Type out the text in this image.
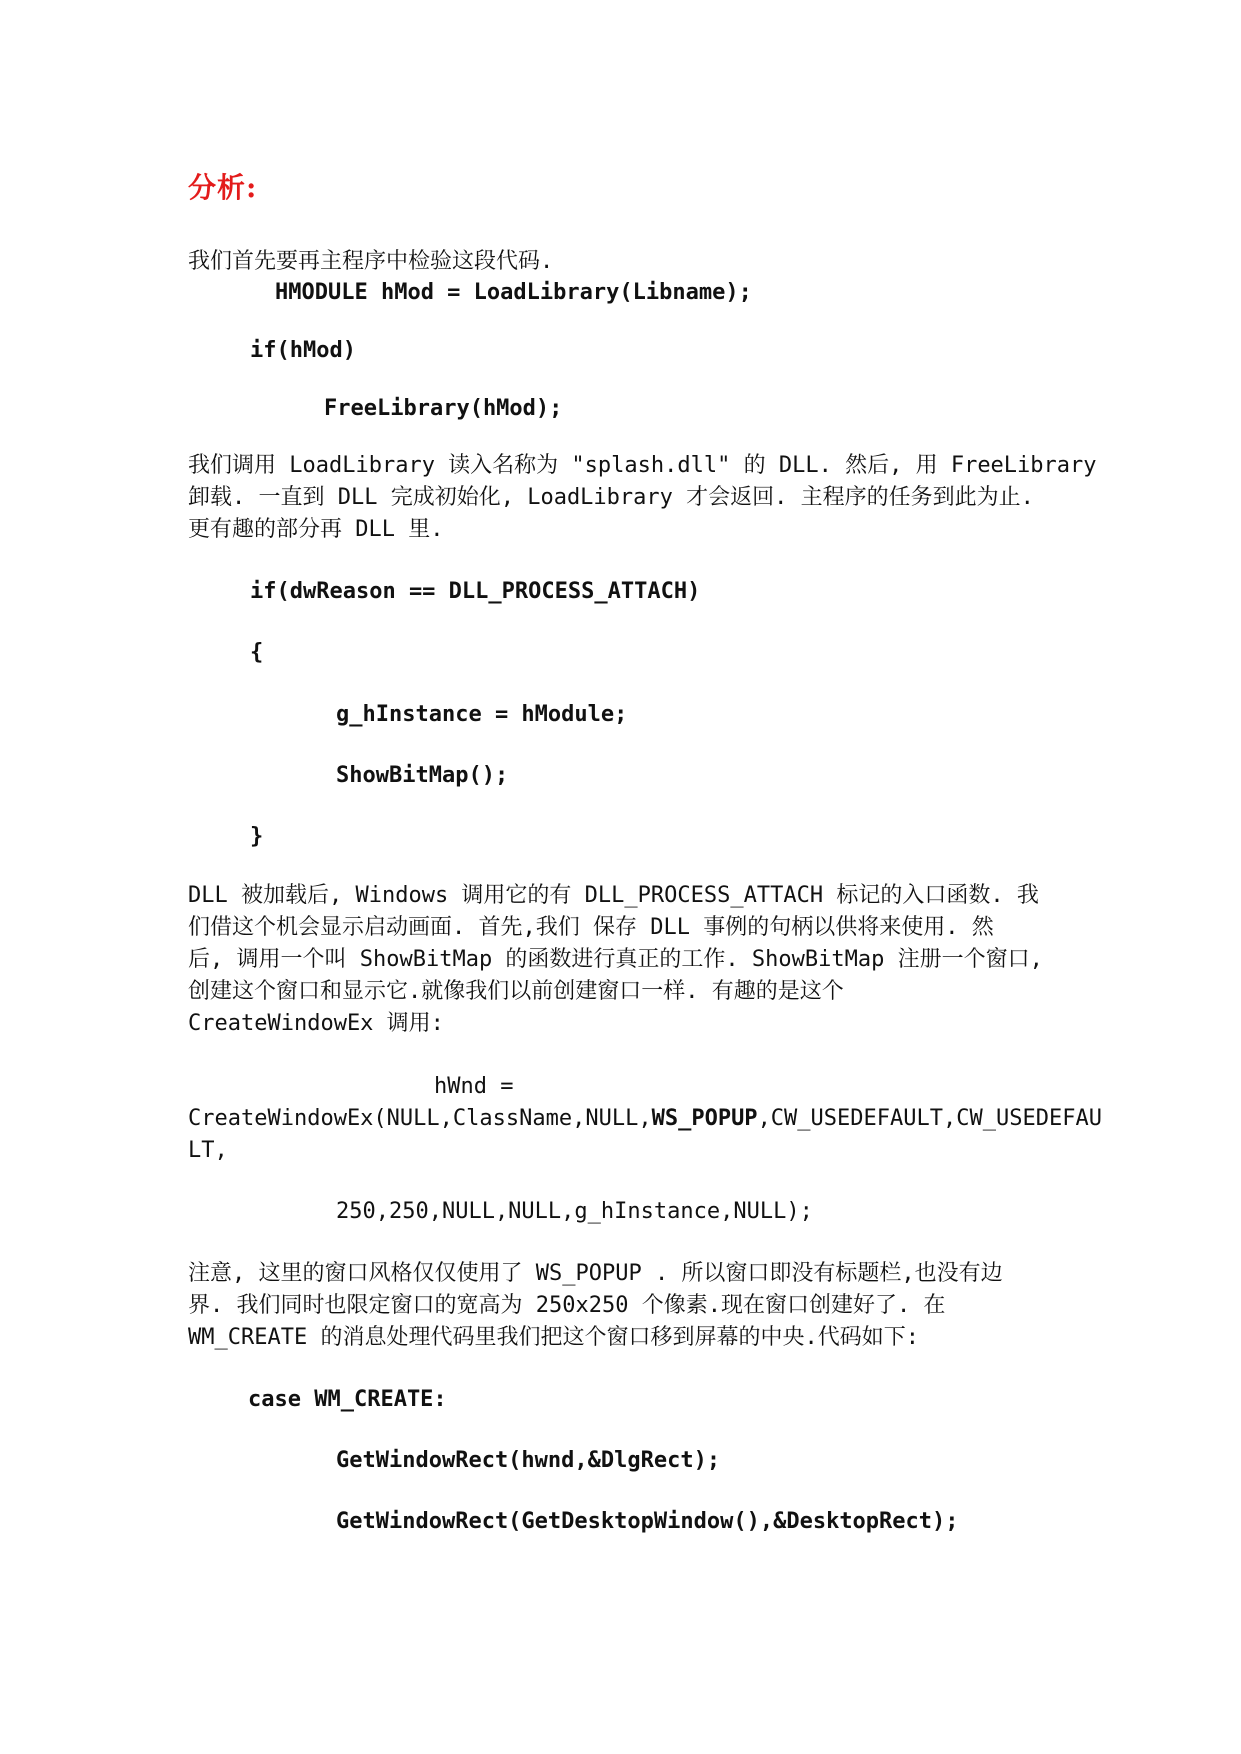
分析:
我们首先要再主程序中检验这段代码.
HMODULE hMod = LoadLibrary(Libname);
if(hMod)
FreeLibrary(hMod);
我们调用 LoadLibrary 读入名称为 "splash.dll" 的 DLL. 然后, 用 FreeLibrary
卸载. 一直到 DLL 完成初始化, LoadLibrary 才会返回. 主程序的任务到此为止.
更有趣的部分再 DLL 里.
if(dwReason == DLL_PROCESS_ATTACH)
{
g_hInstance = hModule;
ShowBitMap();
}
DLL 被加载后, Windows 调用它的有 DLL_PROCESS_ATTACH 标记的入口函数. 我
们借这个机会显示启动画面. 首先,我们 保存 DLL 事例的句柄以供将来使用. 然
后, 调用一个叫 ShowBitMap 的函数进行真正的工作. ShowBitMap 注册一个窗口,
创建这个窗口和显示它.就像我们以前创建窗口一样. 有趣的是这个
CreateWindowEx 调用:
hWnd =
CreateWindowEx(NULL,ClassName,NULL,WS_POPUP,CW_USEDEFAULT,CW_USEDEFAU
LT,
250,250,NULL,NULL,g_hInstance,NULL);
注意, 这里的窗口风格仅仅使用了 WS_POPUP . 所以窗口即没有标题栏,也没有边
界. 我们同时也限定窗口的宽高为 250x250 个像素.现在窗口创建好了. 在
WM_CREATE 的消息处理代码里我们把这个窗口移到屏幕的中央.代码如下:
case WM_CREATE:
GetWindowRect(hwnd,&DlgRect);
GetWindowRect(GetDesktopWindow(),&DesktopRect);
